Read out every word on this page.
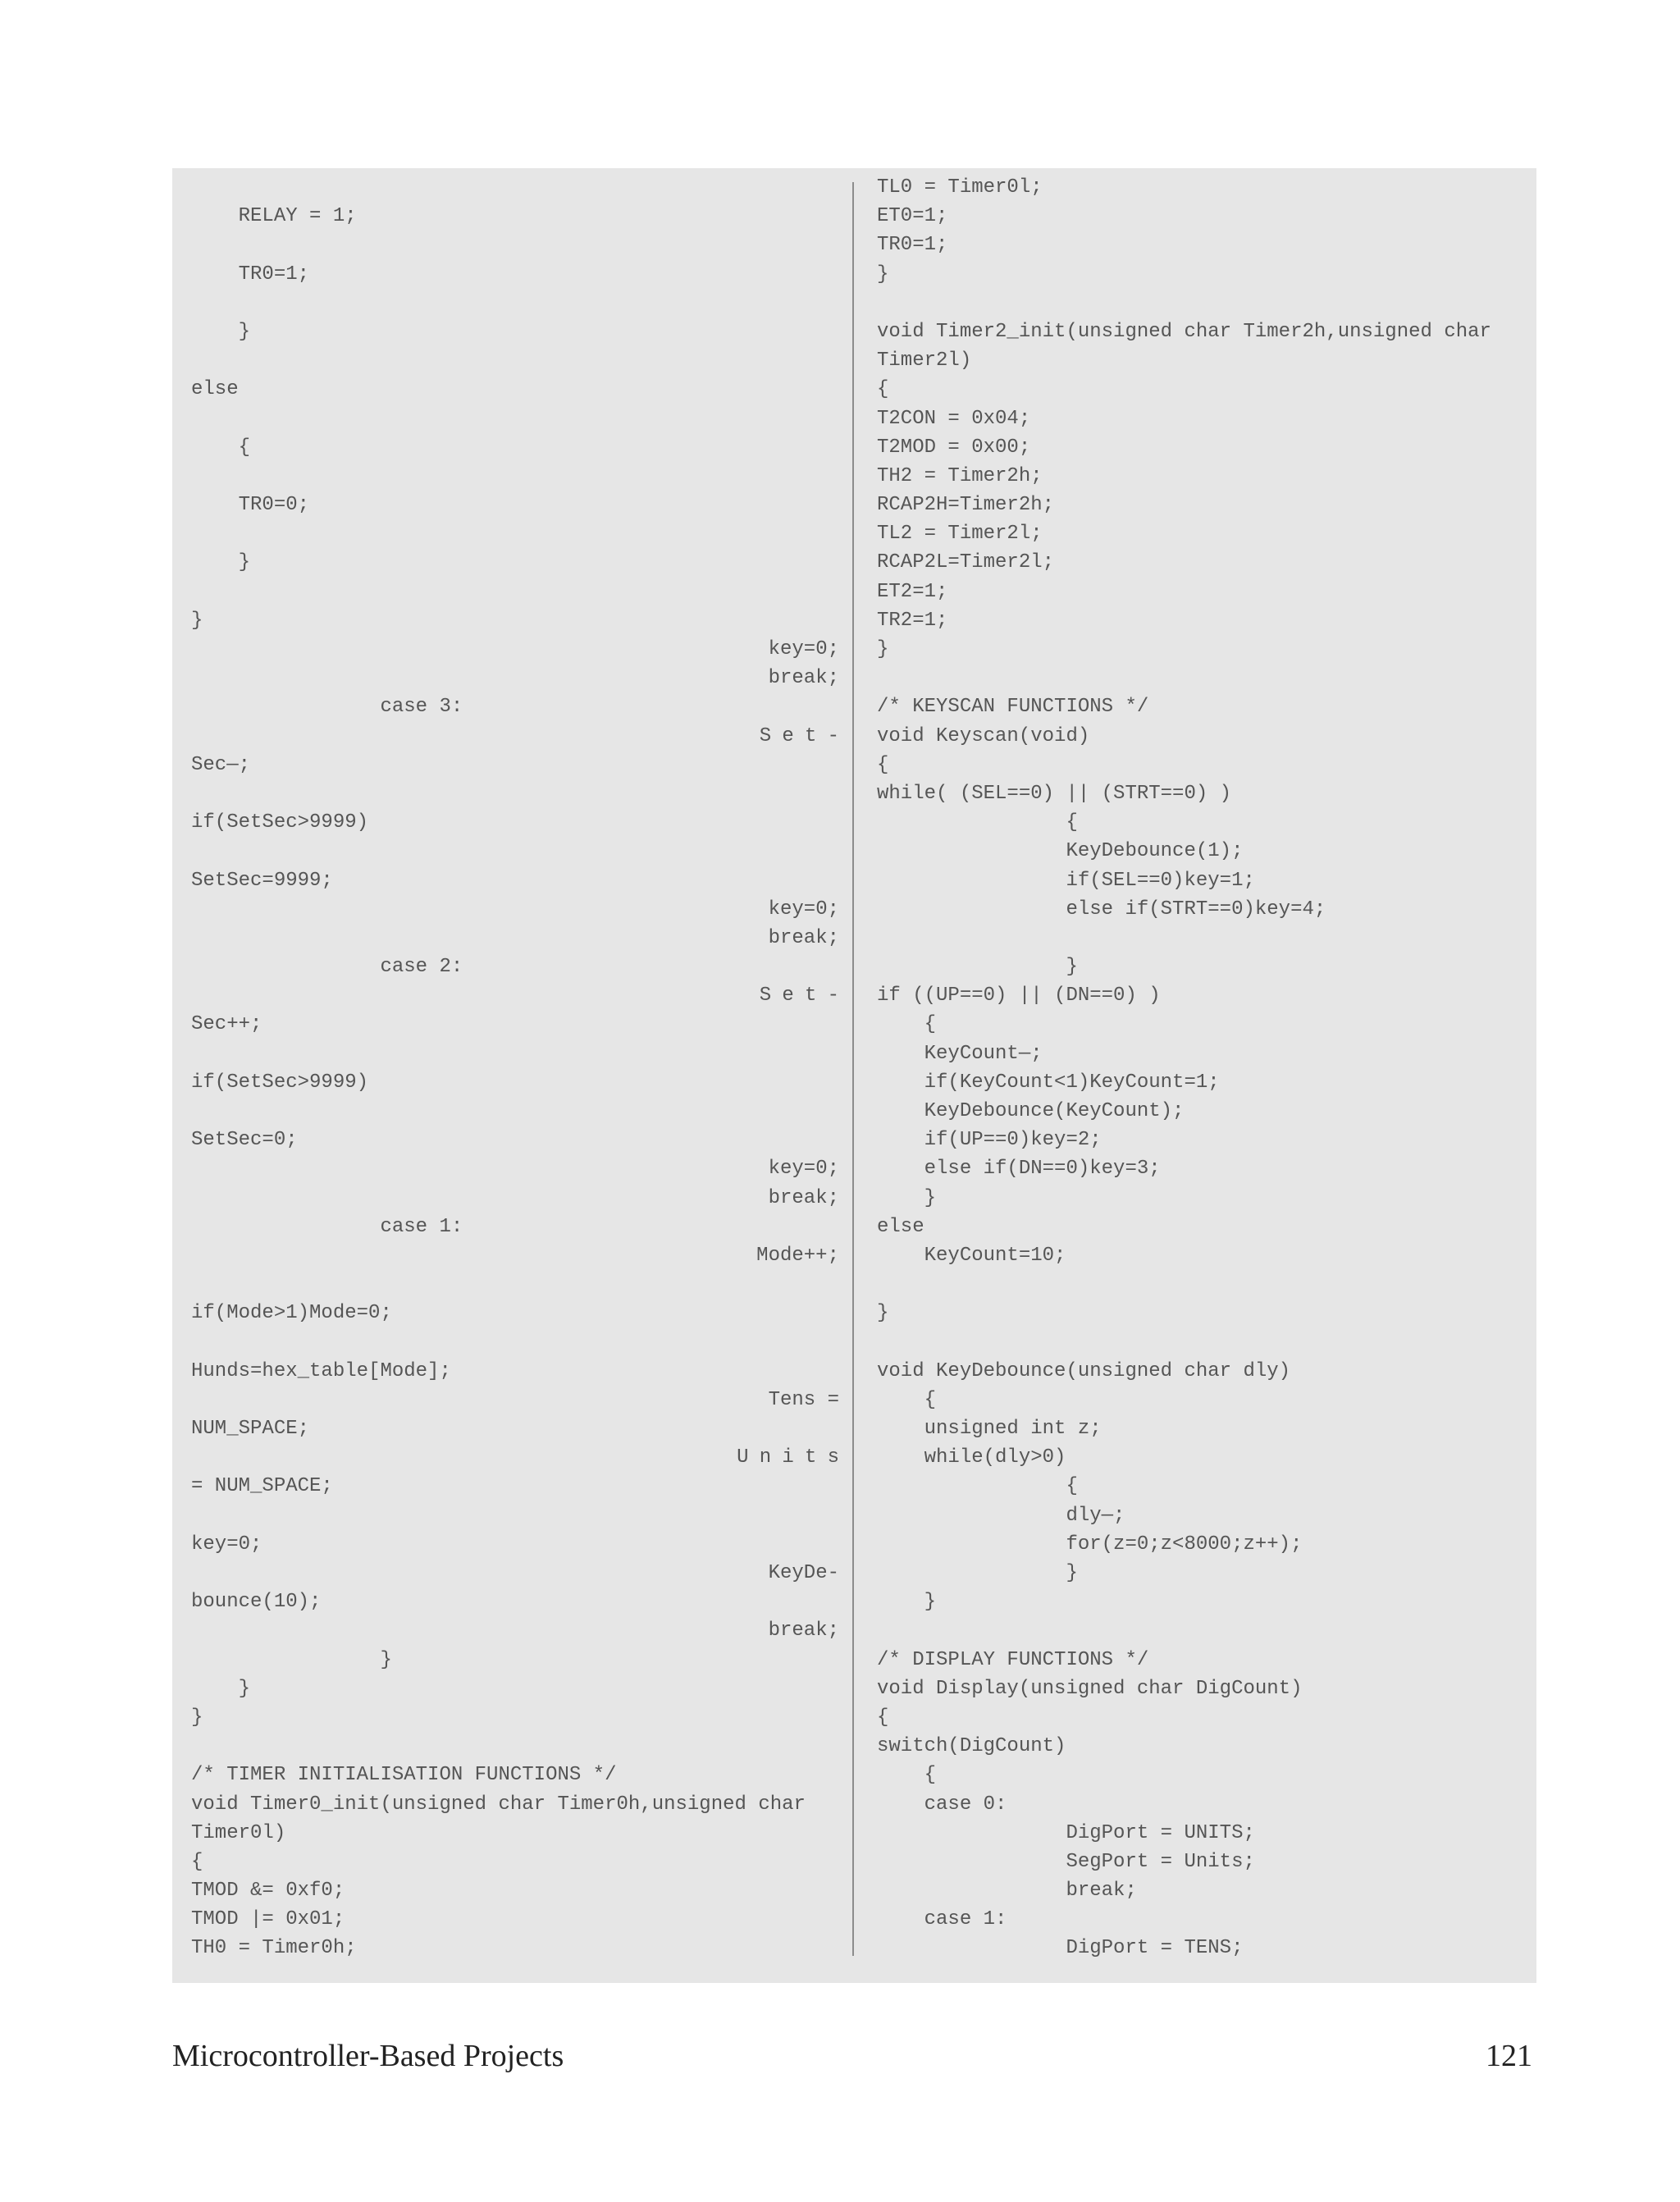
RELAY = 1;
TR0=1;
}
else
{
TR0=0;
}
}
key=0;
break;
case 3:
Set-
Sec—;
if(SetSec>9999)
SetSec=9999;
key=0;
break;
case 2:
Set-
Sec++;
if(SetSec>9999)
SetSec=0;
key=0;
break;
case 1:
Mode++;
if(Mode>1)Mode=0;
Hunds=hex_table[Mode];
Tens =
NUM_SPACE;
Units
= NUM_SPACE;
key=0;
KeyDe-
bounce(10);
break;
}
}
}
/* TIMER INITIALISATION FUNCTIONS */
void Timer0_init(unsigned char Timer0h,unsigned char
Timer0l)
{
TMOD &= 0xf0;
TMOD |= 0x01;
TH0 = Timer0h;
TL0 = Timer0l;
ET0=1;
TR0=1;
}
void Timer2_init(unsigned char Timer2h,unsigned char
Timer2l)
{
T2CON = 0x04;
T2MOD = 0x00;
TH2 = Timer2h;
RCAP2H=Timer2h;
TL2 = Timer2l;
RCAP2L=Timer2l;
ET2=1;
TR2=1;
}
/* KEYSCAN FUNCTIONS */
void Keyscan(void)
{
while( (SEL==0) || (STRT==0) )
{
KeyDebounce(1);
if(SEL==0)key=1;
else if(STRT==0)key=4;
}
if ((UP==0) || (DN==0) )
{
KeyCount—;
if(KeyCount<1)KeyCount=1;
KeyDebounce(KeyCount);
if(UP==0)key=2;
else if(DN==0)key=3;
}
else
KeyCount=10;
}
void KeyDebounce(unsigned char dly)
{
unsigned int z;
while(dly>0)
{
dly—;
for(z=0;z<8000;z++);
}
}
/* DISPLAY FUNCTIONS */
void Display(unsigned char DigCount)
{
switch(DigCount)
{
case 0:
DigPort = UNITS;
SegPort = Units;
break;
case 1:
DigPort = TENS;
Microcontroller-Based Projects	121
